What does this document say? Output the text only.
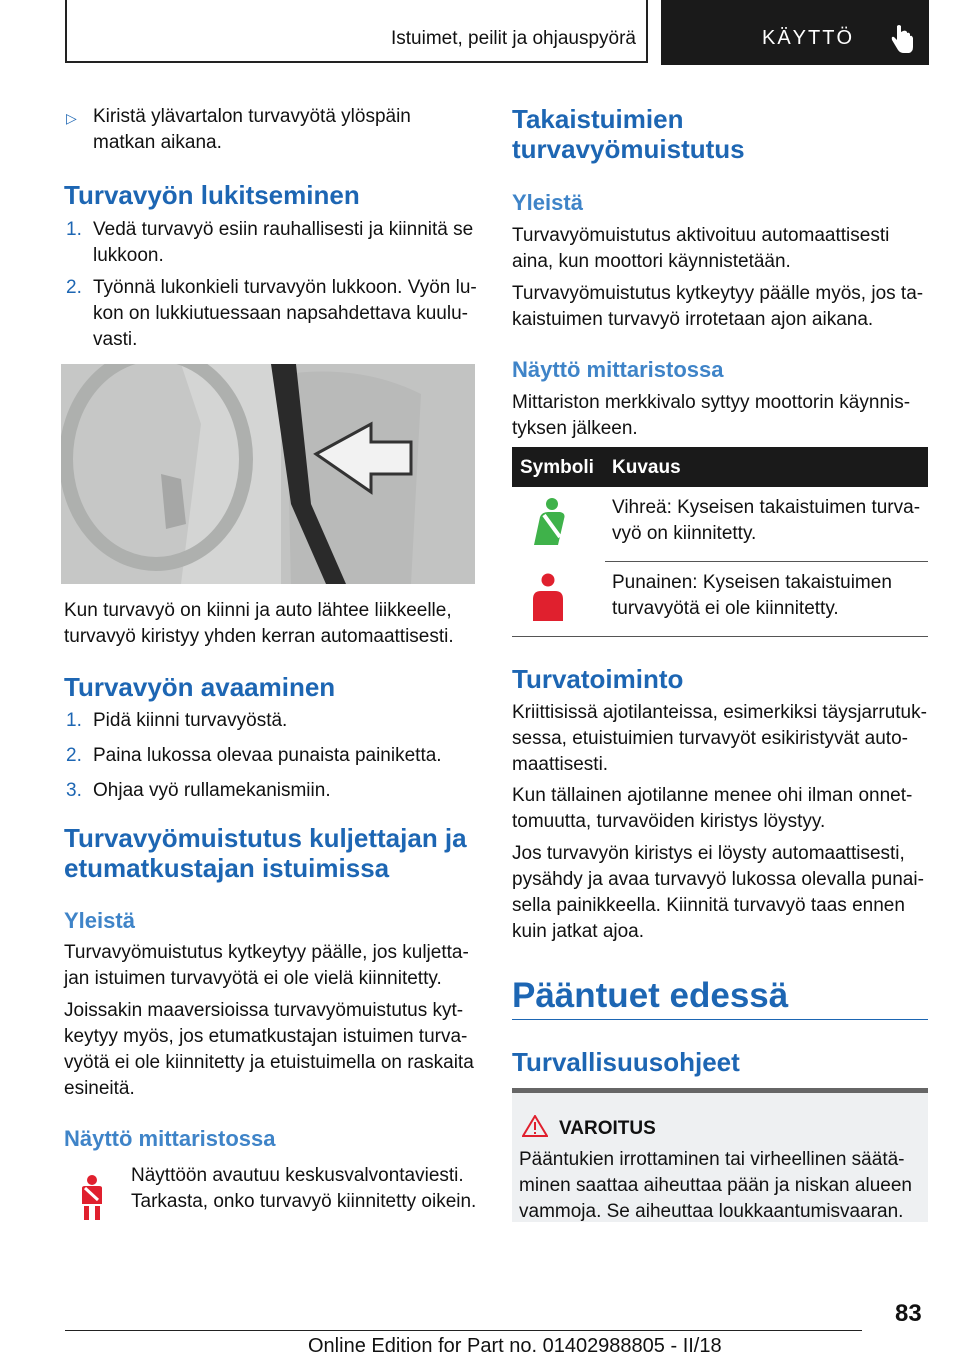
Istuimet, peilit ja ohjauspyörä	KÄYTTÖ
▷ Kiristä ylävartalon turvavyötä ylöspäin matkan aikana.

Turvavyön lukitseminen
1. Vedä turvavyö esiin rauhallisesti ja kiinnitä se lukkoon.

2. Työnnä lukonkieli turvavyön lukkoon. Vyön lu-kon on lukkiutuessaan napsahdettava kuulu-vasti.

Kun turvavyö on kiinni ja auto lähtee liikkeelle, turvavyö kiristyy yhden kerran automaattisesti.

Turvavyön avaaminen
1. Pidä kiinni turvavyöstä.

2. Paina lukossa olevaa punaista painiketta.

3. Ohjaa vyö rullamekanismiin.

Turvavyömuistutus kuljettajan ja etumatkustajan istuimissa
Yleistä

Turvavyömuistutus kytkeytyy päälle, jos kuljetta-jan istuimen turvavyötä ei ole vielä kiinnitetty.

Joissakin maaversioissa turvavyömuistutus kyt-keytyy myös, jos etumatkustajan istuimen turva-vyötä ei ole kiinnitetty ja etuistuimella on raskaita esineitä.

Näyttö mittaristossa

Näyttöön avautuu keskusvalvontaviesti. Tarkasta, onko turvavyö kiinnitetty oikein.

Takaistuimien turvavyömuistutus
Yleistä

Turvavyömuistutus aktivoituu automaattisesti aina, kun moottori käynnistetään.

Turvavyömuistutus kytkeytyy päälle myös, jos ta-kaistuimen turvavyö irrotetaan ajon aikana.

Näyttö mittaristossa

Mittariston merkkivalo syttyy moottorin käynnis-tyksen jälkeen.

Symboli Kuvaus

Vihreä: Kyseisen takaistuimen turva-vyö on kiinnitetty.

Punainen: Kyseisen takaistuimen turvavyötä ei ole kiinnitetty.

Turvatoiminto

Kriittisissä ajotilanteissa, esimerkiksi täysjarrutuk-sessa, etuistuimien turvavyöt esikiristyvät auto-maattisesti.

Kun tällainen ajotilanne menee ohi ilman onnet-tomuutta, turvavöiden kiristys löystyy.

Jos turvavyön kiristys ei löysty automaattisesti, pysähdy ja avaa turvavyö lukossa olevalla punai-sella painikkeella. Kiinnitä turvavyö taas ennen kuin jatkat ajoa.

Pääntuet edessä
Turvallisuusohjeet
VAROITUS

Pääntukien irrottaminen tai virheellinen säätä-minen saattaa aiheuttaa pään ja niskan alueen vammoja. Se aiheuttaa loukkaantumisvaaran.

83
Online Edition for Part no. 01402988805 - II/18
